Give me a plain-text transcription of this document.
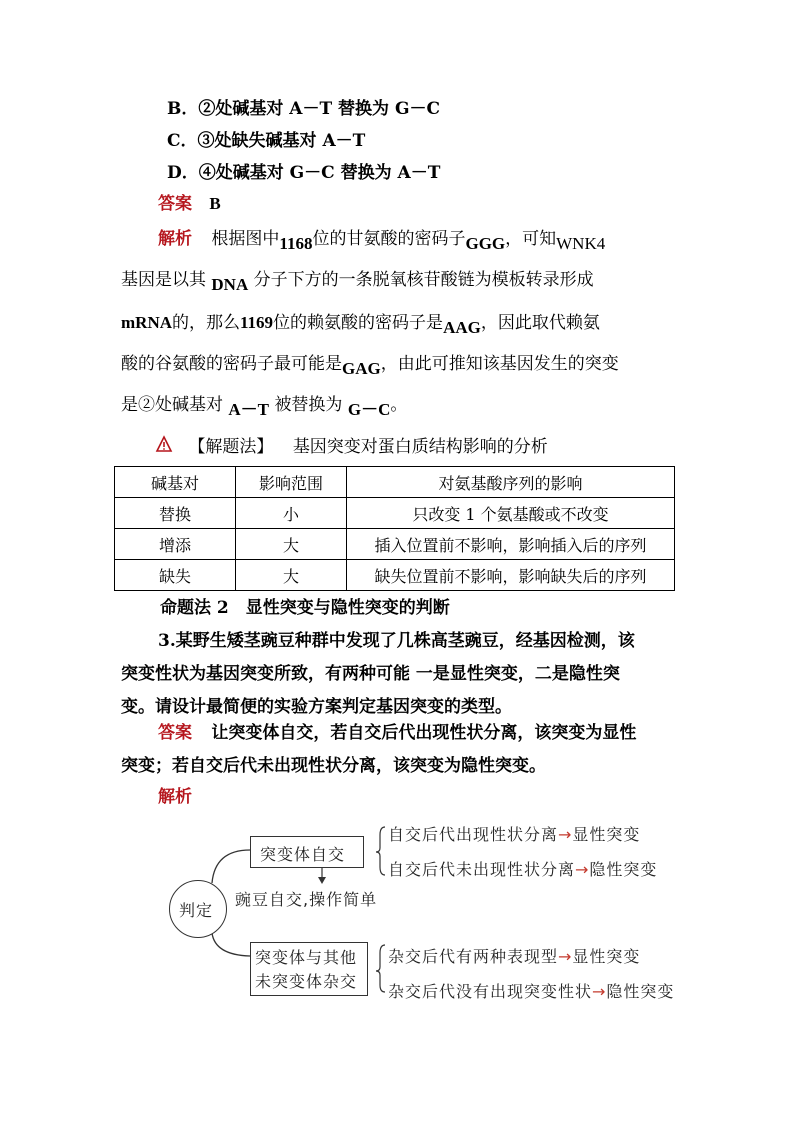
B．②处碱基对 A－T 替换为 G－C
C．③处缺失碱基对 A－T
D．④处碱基对 G－C 替换为 A－T
答案 B
解析 根据图中1168位的甘氨酸的密码子GGG，可知WNK4
基因是以其 DNA 分子下方的一条脱氧核苷酸链为模板转录形成
mRNA的，那么1169位的赖氨酸的密码子是AAG，因此取代赖氨
酸的谷氨酸的密码子最可能是GAG，由此可推知该基因发生的突变
是②处碱基对 A－T 被替换为 G－C。
【解题法】 基因突变对蛋白质结构影响的分析
碱基对	影响范围	对氨基酸序列的影响
替换	小	只改变 1 个氨基酸或不改变
增添	大	插入位置前不影响，影响插入后的序列
缺失	大	缺失位置前不影响，影响缺失后的序列
命题法 2　显性突变与隐性突变的判断
3.某野生矮茎豌豆种群中发现了几株高茎豌豆，经基因检测，该
突变性状为基因突变所致，有两种可能 一是显性突变，二是隐性突
变。请设计最简便的实验方案判定基因突变的类型。
答案 让突变体自交，若自交后代出现性状分离，该突变为显性
突变；若自交后代未出现性状分离，该突变为隐性突变。
解析
判定
突变体自交
豌豆自交,操作简单
突变体与其他
未突变体杂交
自交后代出现性状分离→显性突变
自交后代未出现性状分离→隐性突变
杂交后代有两种表现型→显性突变
杂交后代没有出现突变性状→隐性突变
